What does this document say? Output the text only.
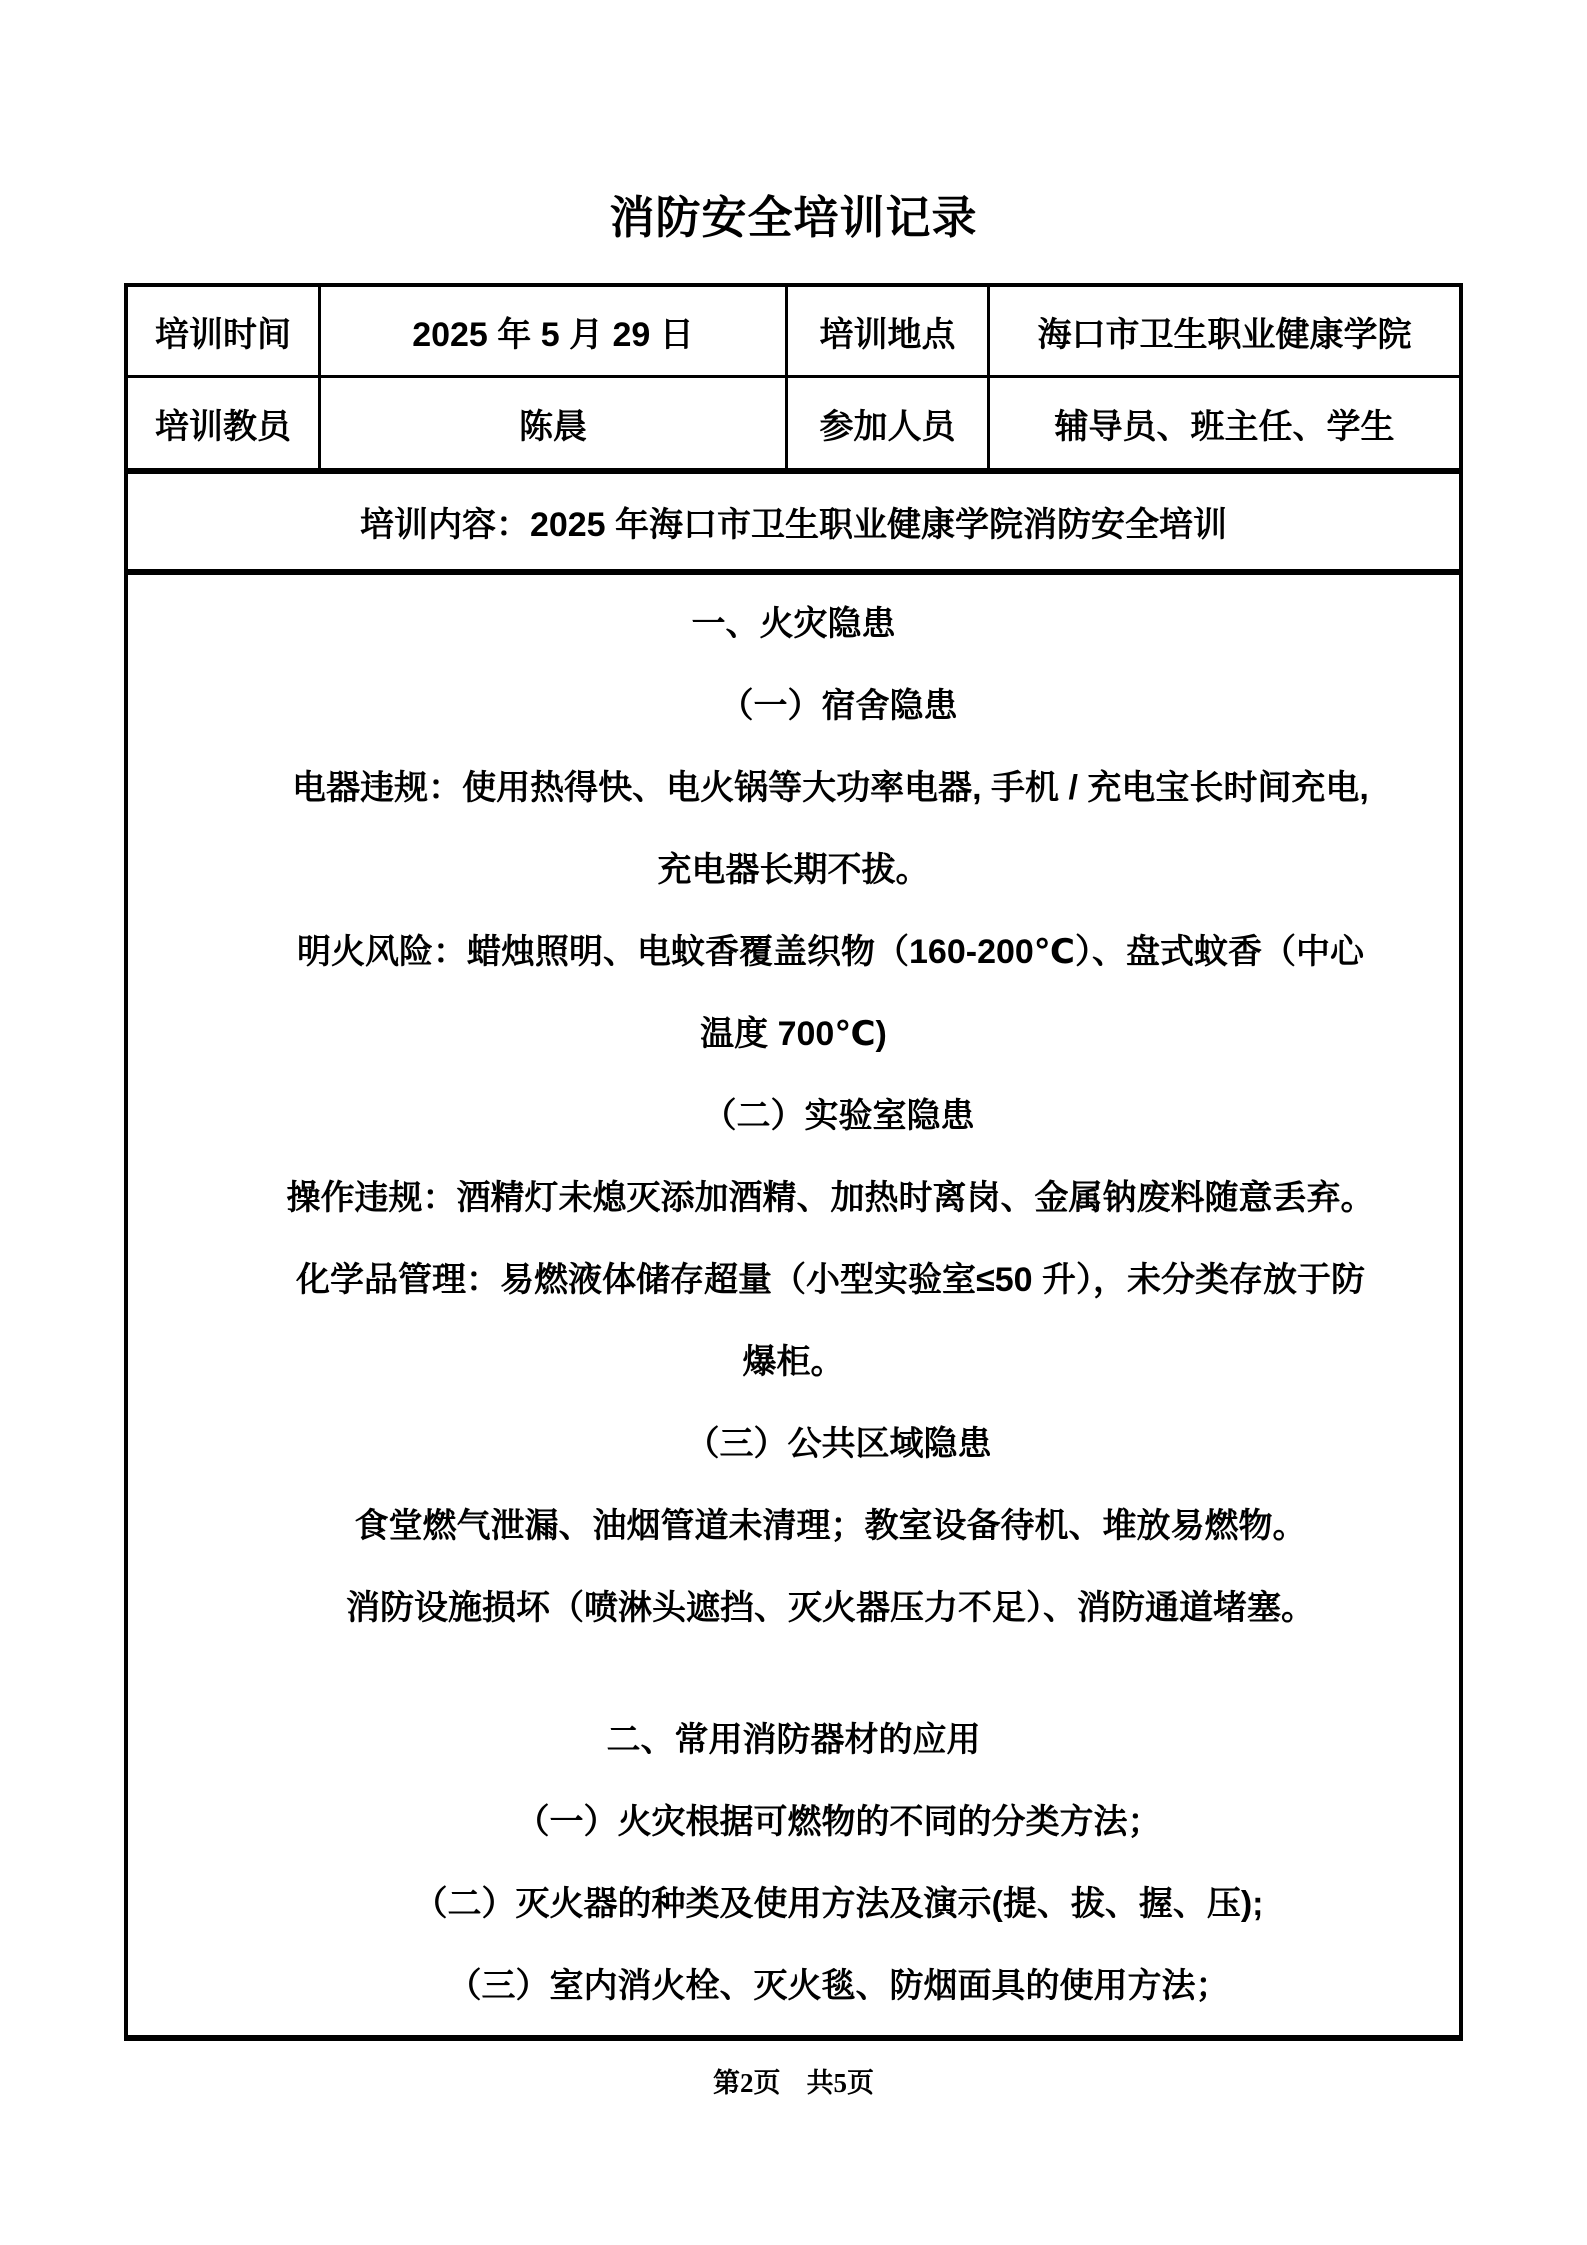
消防安全培训记录
培训时间	2025 年 5 月 29 日	培训地点	海口市卫生职业健康学院
培训教员	陈晨	参加人员	辅导员、班主任、学生
培训内容：2025 年海口市卫生职业健康学院消防安全培训			

一、火灾隐患

（一）宿舍隐患

电器违规：使用热得快、电火锅等大功率电器, 手机 / 充电宝长时间充电,

充电器长期不拔。

明火风险：蜡烛照明、电蚊香覆盖织物（160-200℃）、盘式蚊香（中心

温度 700℃)

（二）实验室隐患

操作违规：酒精灯未熄灭添加酒精、加热时离岗、金属钠废料随意丢弃。

化学品管理：易燃液体储存超量（小型实验室≤50 升），未分类存放于防

爆柜。

（三）公共区域隐患

食堂燃气泄漏、油烟管道未清理；教室设备待机、堆放易燃物。

消防设施损坏（喷淋头遮挡、灭火器压力不足）、消防通道堵塞。

二、常用消防器材的应用

（一）火灾根据可燃物的不同的分类方法；

（二）灭火器的种类及使用方法及演示(提、拔、握、压);

（三）室内消火栓、灭火毯、防烟面具的使用方法；

第2页 共5页
